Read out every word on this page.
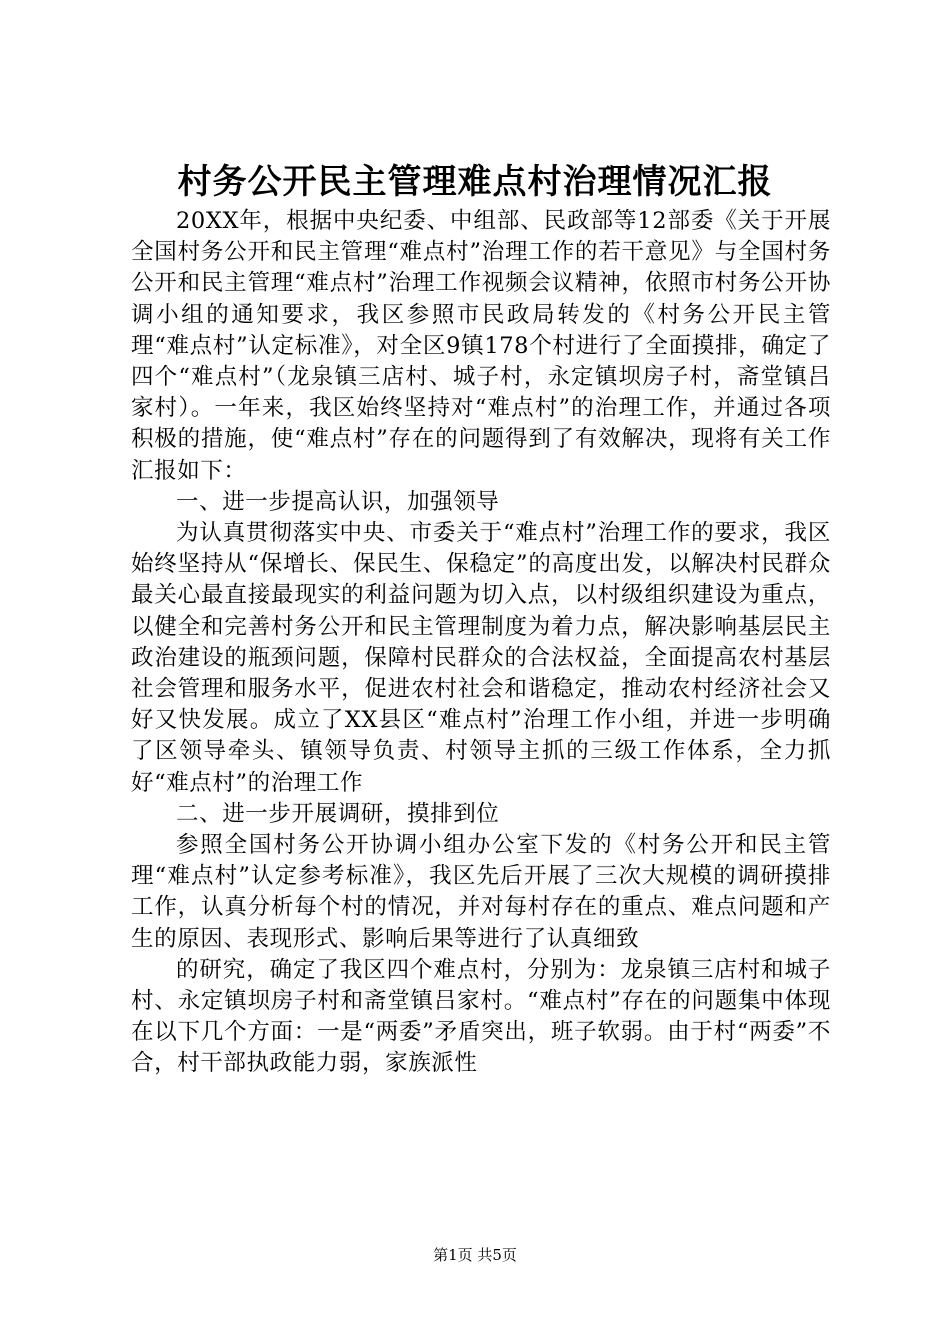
村务公开民主管理难点村治理情况汇报

20XX年，根据中央纪委、中组部、民政部等12部委《关于开展全国村务公开和民主管理“难点村”治理工作的若干意见》与全国村务公开和民主管理“难点村”治理工作视频会议精神，依照市村务公开协调小组的通知要求，我区参照市民政局转发的《村务公开民主管理“难点村”认定标准》，对全区9镇178个村进行了全面摸排，确定了四个“难点村”（龙泉镇三店村、城子村，永定镇坝房子村，斋堂镇吕家村）。一年来，我区始终坚持对“难点村”的治理工作，并通过各项积极的措施，使“难点村”存在的问题得到了有效解决，现将有关工作汇报如下：

一、进一步提高认识，加强领导

为认真贯彻落实中央、市委关于“难点村”治理工作的要求，我区始终坚持从“保增长、保民生、保稳定”的高度出发，以解决村民群众最关心最直接最现实的利益问题为切入点，以村级组织建设为重点，以健全和完善村务公开和民主管理制度为着力点，解决影响基层民主政治建设的瓶颈问题，保障村民群众的合法权益，全面提高农村基层社会管理和服务水平，促进农村社会和谐稳定，推动农村经济社会又好又快发展。成立了XX县区“难点村”治理工作小组，并进一步明确了区领导牵头、镇领导负责、村领导主抓的三级工作体系，全力抓好“难点村”的治理工作

二、进一步开展调研，摸排到位

参照全国村务公开协调小组办公室下发的《村务公开和民主管理“难点村”认定参考标准》，我区先后开展了三次大规模的调研摸排工作，认真分析每个村的情况，并对每村存在的重点、难点问题和产生的原因、表现形式、影响后果等进行了认真细致

的研究，确定了我区四个难点村，分别为：龙泉镇三店村和城子村、永定镇坝房子村和斋堂镇吕家村。“难点村”存在的问题集中体现在以下几个方面：一是“两委”矛盾突出，班子软弱。由于村“两委”不合，村干部执政能力弱，家族派性

第1页 共5页
